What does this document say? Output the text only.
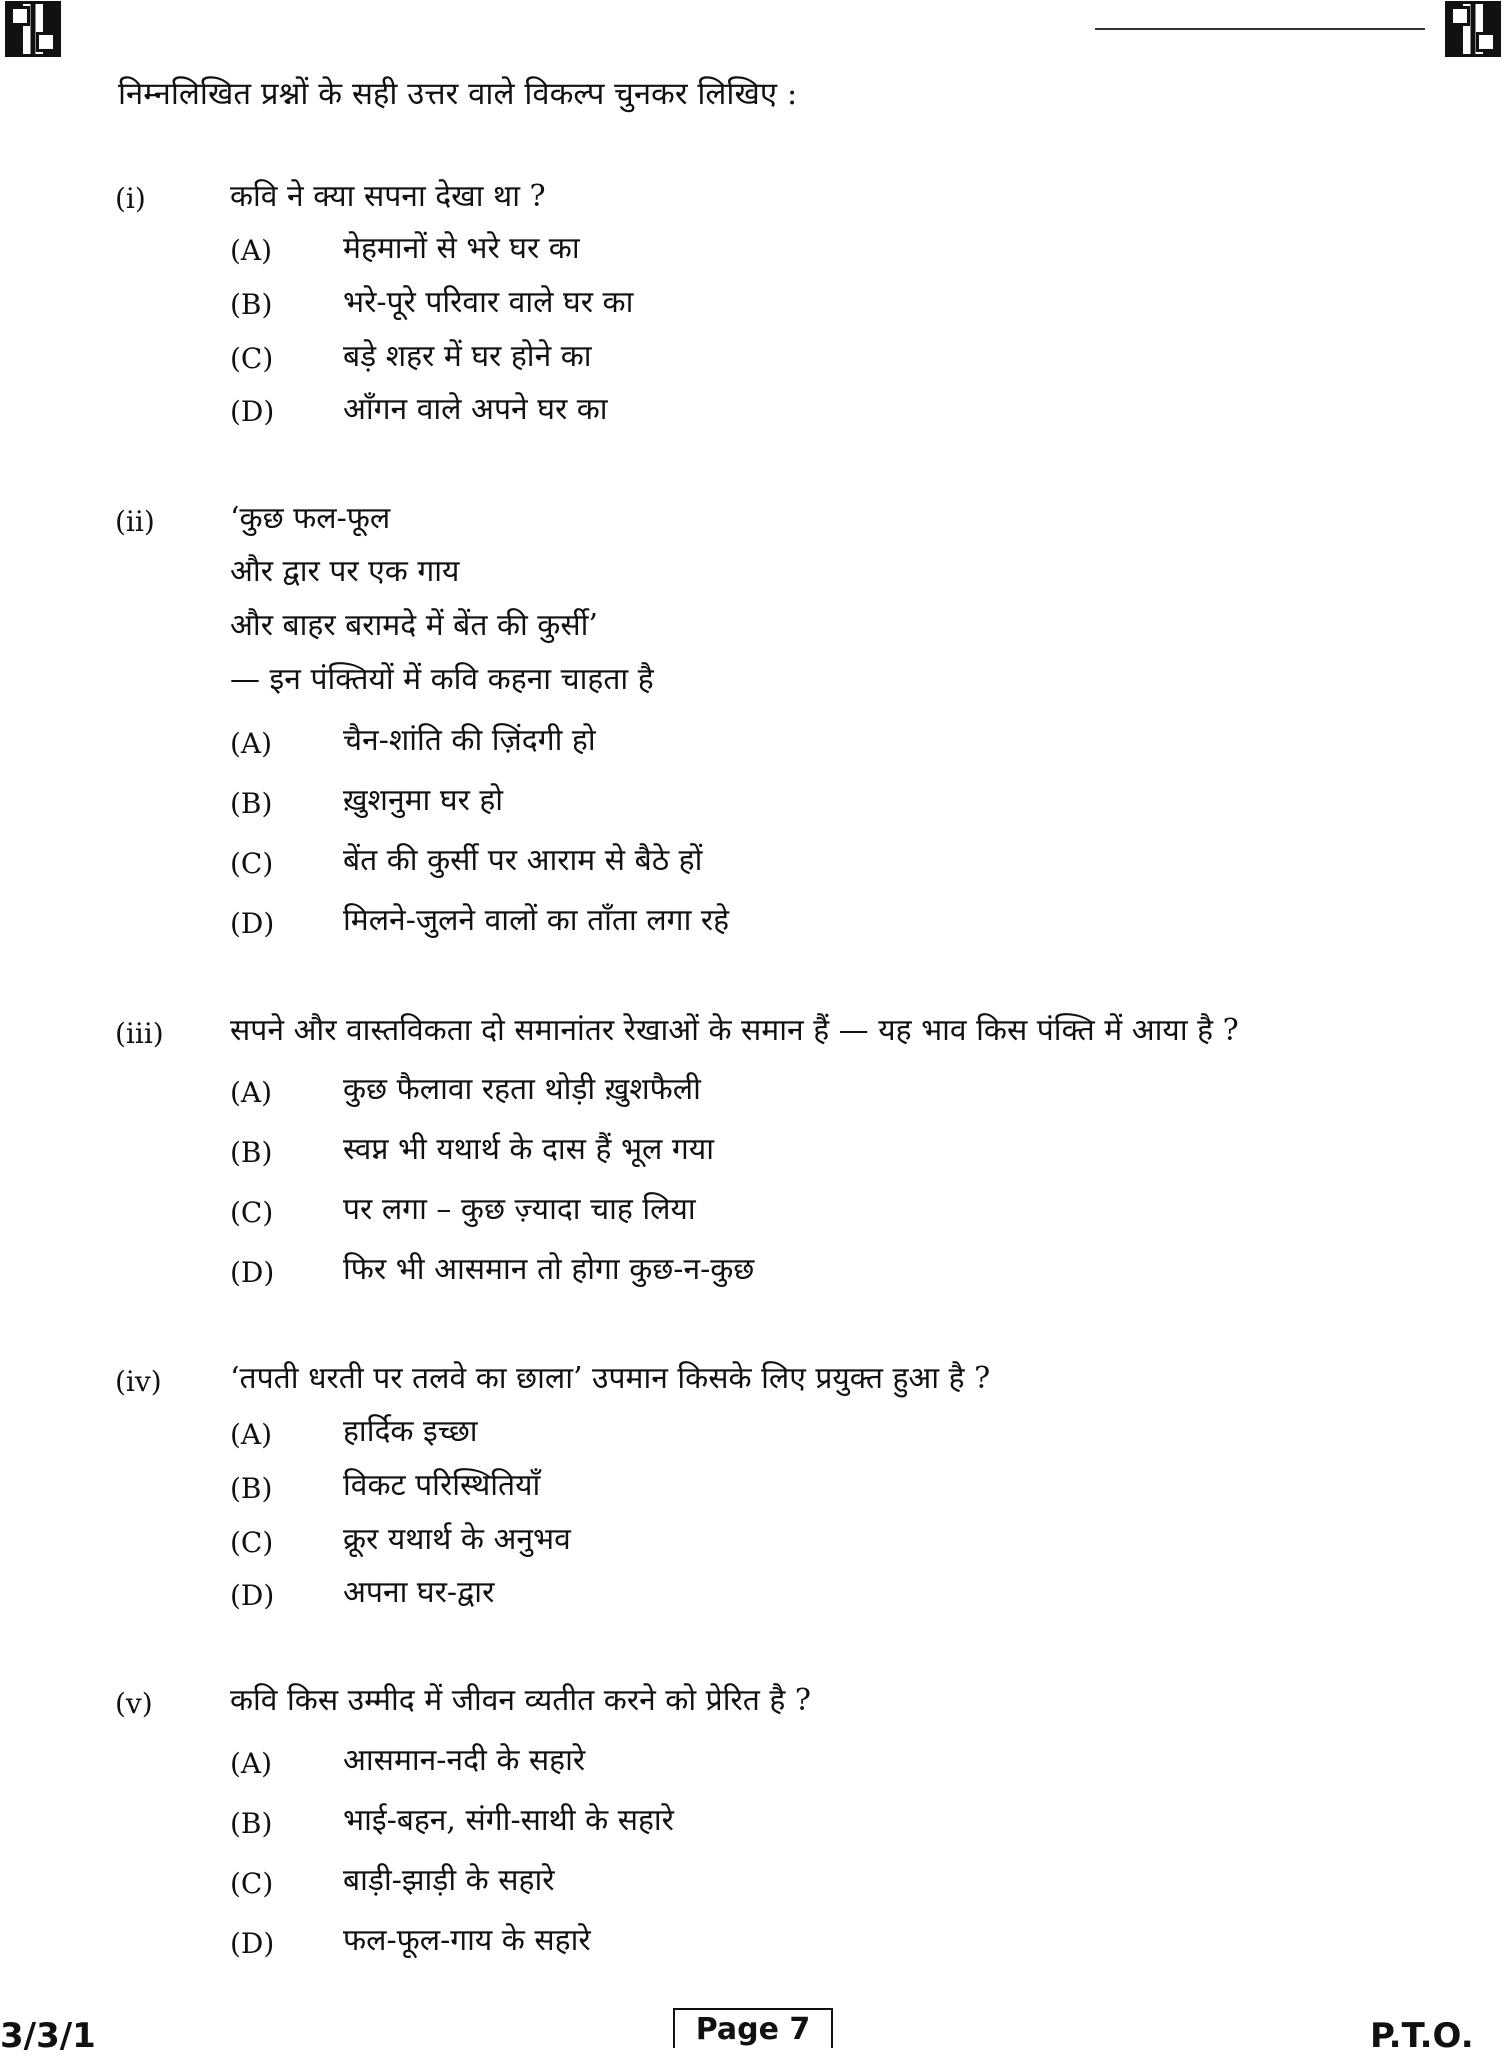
निम्नलिखित प्रश्नों के सही उत्तर वाले विकल्प चुनकर लिखिए :
(i)	कवि ने क्या सपना देखा था ?
(A) मेहमानों से भरे घर का
(B) भरे-पूरे परिवार वाले घर का
(C) बड़े शहर में घर होने का
(D) आँगन वाले अपने घर का
(ii)	‘कुछ फल-फूल
और द्वार पर एक गाय
और बाहर बरामदे में बेंत की कुर्सी’
— इन पंक्तियों में कवि कहना चाहता है
(A) चैन-शांति की ज़िंदगी हो
(B) ख़ुशनुमा घर हो
(C) बेंत की कुर्सी पर आराम से बैठे हों
(D) मिलने-जुलने वालों का ताँता लगा रहे
(iii)	सपने और वास्तविकता दो समानांतर रेखाओं के समान हैं — यह भाव किस पंक्ति में आया है ?
(A) कुछ फैलावा रहता थोड़ी ख़ुशफैली
(B) स्वप्न भी यथार्थ के दास हैं भूल गया
(C) पर लगा – कुछ ज़्यादा चाह लिया
(D) फिर भी आसमान तो होगा कुछ-न-कुछ
(iv)	‘तपती धरती पर तलवे का छाला’ उपमान किसके लिए प्रयुक्त हुआ है ?
(A) हार्दिक इच्छा
(B) विकट परिस्थितियाँ
(C) क्रूर यथार्थ के अनुभव
(D) अपना घर-द्वार
(v)	कवि किस उम्मीद में जीवन व्यतीत करने को प्रेरित है ?
(A) आसमान-नदी के सहारे
(B) भाई-बहन, संगी-साथी के सहारे
(C) बाड़ी-झाड़ी के सहारे
(D) फल-फूल-गाय के सहारे
3/3/1	Page 7	P.T.O.
